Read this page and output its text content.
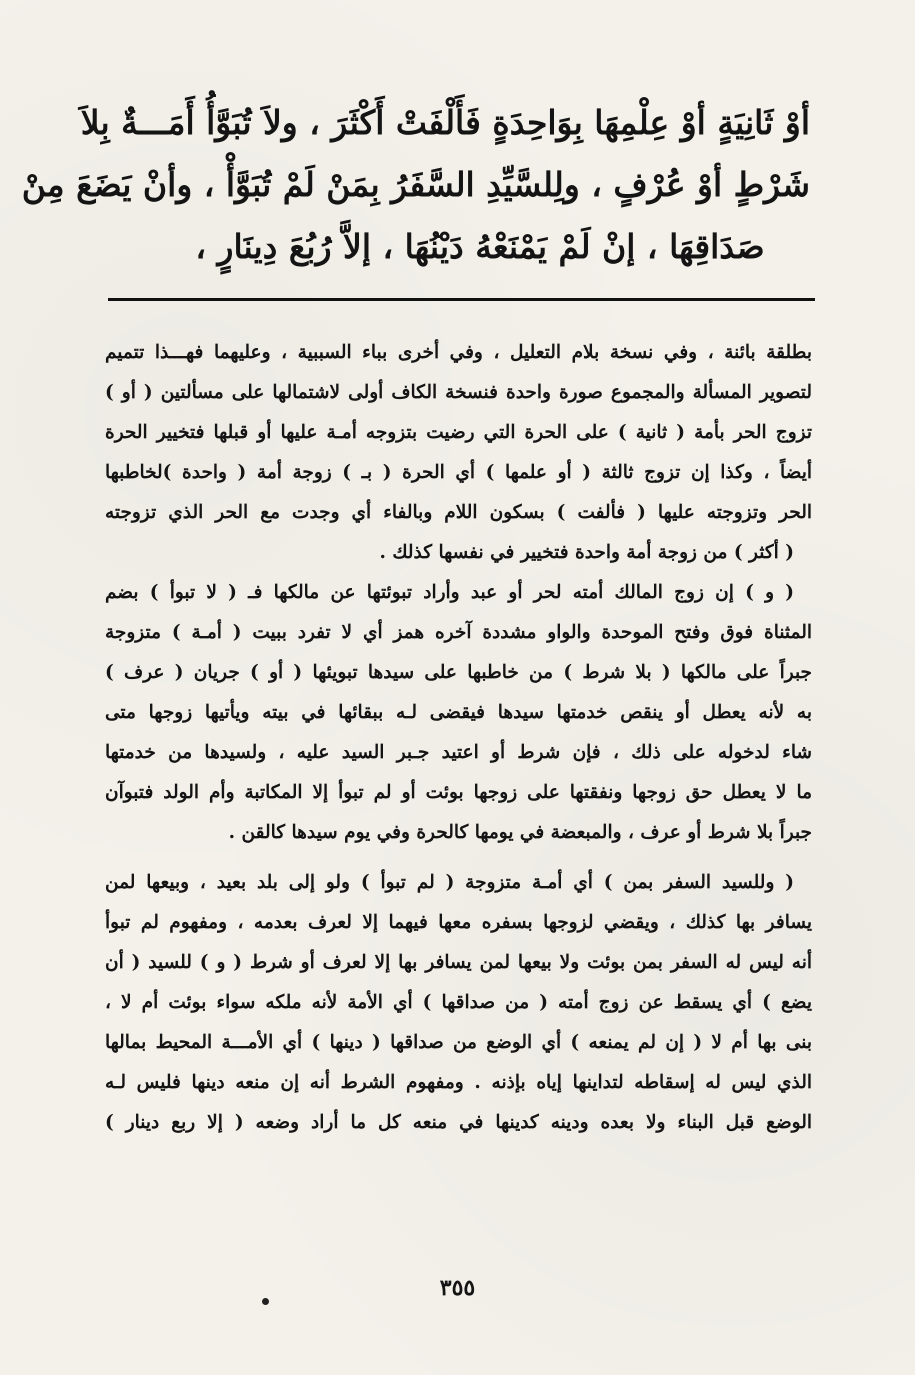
أوْ ثَانِيَةٍ أوْ عِلْمِهَا بِوَاحِدَةٍ فَأَلْفَتْ أَكْثَرَ ، ولاَ تُبَوَّأُ أَمَـــةٌ بِلاَ
شَرْطٍ أوْ عُرْفٍ ، ولِلسَّيِّدِ السَّفَرُ بِمَنْ لَمْ تُبَوَّأْ ، وأنْ يَضَعَ مِنْ
صَدَاقِهَا ، إنْ لَمْ يَمْنَعْهُ دَيْنُهَا ، إلاَّ رُبُعَ دِينَارٍ ،
بطلقة بائنة ، وفي نسخة بلام التعليل ، وفي أخرى بباء السببية ، وعليهما فهـــذا تتميم
لتصوير المسألة والمجموع صورة واحدة فنسخة الكاف أولى لاشتمالها على مسألتين ( أو )
تزوج الحر بأمة ( ثانية ) على الحرة التي رضيت بتزوجه أمـة عليها أو قبلها فتخيير الحرة
أيضاً ، وكذا إن تزوج ثالثة ( أو علمها ) أي الحرة ( بـ ) زوجة أمة ( واحدة )لخاطبها
الحر وتزوجته عليها ( فألفت ) بسكون اللام وبالفاء أي وجدت مع الحر الذي تزوجته
( أكثر ) من زوجة أمة واحدة فتخيير في نفسها كذلك .
( و ) إن زوج المالك أمته لحر أو عبد وأراد تبوئتها عن مالكها فـ ( لا تبوأ ) بضم
المثناة فوق وفتح الموحدة والواو مشددة آخره همز أي لا تفرد ببيت ( أمـة ) متزوجة
جبراً على مالكها ( بلا شرط ) من خاطبها على سيدها تبويئها ( أو ) جريان ( عرف )
به لأنه يعطل أو ينقص خدمتها سيدها فيقضى لـه ببقائها في بيته ويأتيها زوجها متى
شاء لدخوله على ذلك ، فإن شرط أو اعتيد جـبر السيد عليه ، ولسيدها من خدمتها
ما لا يعطل حق زوجها ونفقتها على زوجها بوئت أو لم تبوأ إلا المكاتبة وأم الولد فتبوآن
جبراً بلا شرط أو عرف ، والمبعضة في يومها كالحرة وفي يوم سيدها كالقن .
( وللسيد السفر بمن ) أي أمـة متزوجة ( لم تبوأ ) ولو إلى بلد بعيد ، وبيعها لمن
يسافر بها كذلك ، ويقضي لزوجها بسفره معها فيهما إلا لعرف بعدمه ، ومفهوم لم تبوأ
أنه ليس له السفر بمن بوئت ولا بيعها لمن يسافر بها إلا لعرف أو شرط ( و ) للسيد ( أن
يضع ) أي يسقط عن زوج أمته ( من صداقها ) أي الأمة لأنه ملكه سواء بوئت أم لا ،
بنى بها أم لا ( إن لم يمنعه ) أي الوضع من صداقها ( دينها ) أي الأمـــة المحيط بمالها
الذي ليس له إسقاطه لتداينها إياه بإذنه . ومفهوم الشرط أنه إن منعه دينها فليس لـه
الوضع قبل البناء ولا بعده ودينه كدينها في منعه كل ما أراد وضعه ( إلا ربع دينار )
٣٥٥
